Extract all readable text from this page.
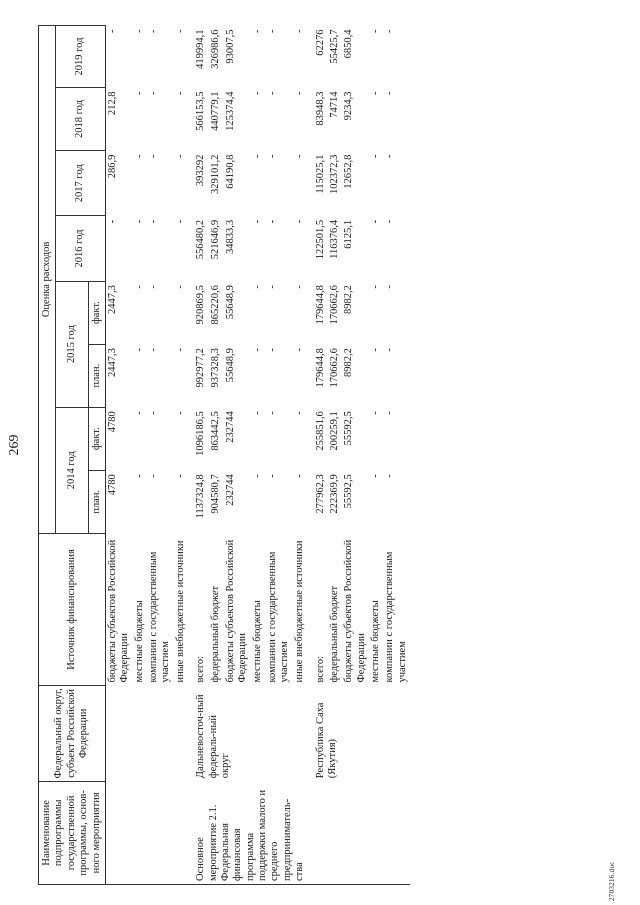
269
Наименование подпрограммы государственной программы, основ-ного мероприятия	Федеральный округ, субъект Российской Федерации	Источник финансирования	Оценка расходов							
			2014 год		2015 год		2016 год	2017 год	2018 год	2019 год
			план.	факт.	план.	факт.				
		бюджеты субъектов Российской Федерации	4780	4780	2447,3	2447,3	-	286,9	212,8	-
		местные бюджеты	-	-	-	-	-	-	-	-
		компании с государственным участием	-	-	-	-	-	-	-	-
		иные внебюджетные источники	-	-	-	-	-	-	-	-
Основное мероприятие 2.1. Федеральная финансовая программа поддержки малого и среднего предприниматель-ства	Дальневосточ-ный федераль-ный округ	всего:	1137324,8	1096186,5	992977,2	920869,5	556480,2	393292	566153,5	419994,1
		федеральный бюджет	904580,7	863442,5	937328,3	865220,6	521646,9	329101,2	440779,1	326986,6
		бюджеты субъектов Российской Федерации	232744	232744	55648,9	55648,9	34833,3	64190,8	125374,4	93007,5
		местные бюджеты	-	-	-	-	-	-	-	-
		компании с государственным участием	-	-	-	-	-	-	-	-
		иные внебюджетные источники	-	-	-	-	-	-	-	-
	Республика Саха (Якутия)	всего:	277962,3	255851,6	179644,8	179644,8	122501,5	115025,1	83948,3	62276
		федеральный бюджет	222369,9	200259,1	170662,6	170662,6	116376,4	102372,3	74714	55425,7
		бюджеты субъектов Российской Федерации	55592,5	55592,5	8982,2	8982,2	6125,1	12652,8	9234,3	6850,4
		местные бюджеты	-	-	-	-	-	-	-	-
		компании с государственным участием	-	-	-	-	-	-	-	-
2703216.doc
